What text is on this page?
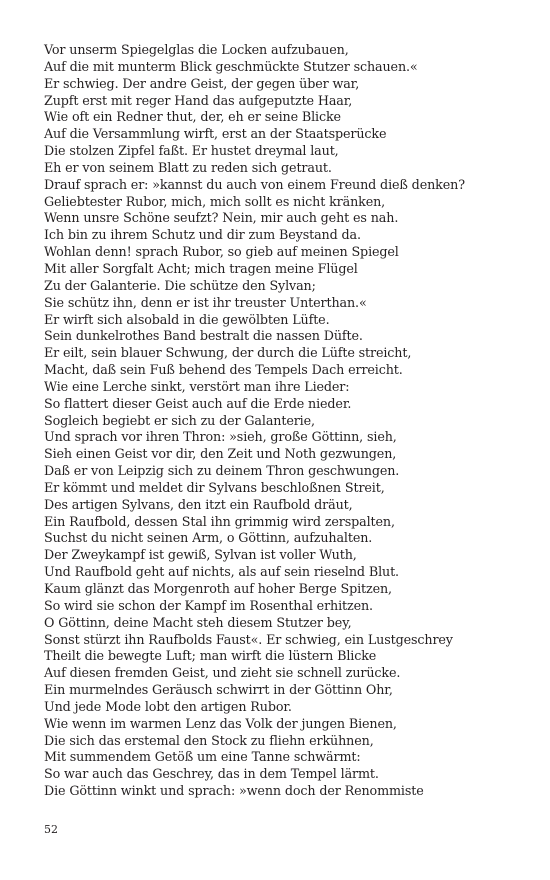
Vor unserm Spiegelglas die Locken aufzubauen,
Auf die mit munterm Blick geschmückte Stutzer schauen.«
Er schwieg. Der andre Geist, der gegen über war,
Zupft erst mit reger Hand das aufgeputzte Haar,
Wie oft ein Redner thut, der, eh er seine Blicke
Auf die Versammlung wirft, erst an der Staatsperücke
Die stolzen Zipfel faßt. Er hustet dreymal laut,
Eh er von seinem Blatt zu reden sich getraut.
Drauf sprach er: »kannst du auch von einem Freund dieß denken?
Geliebtester Rubor, mich, mich sollt es nicht kränken,
Wenn unsre Schöne seufzt? Nein, mir auch geht es nah.
Ich bin zu ihrem Schutz und dir zum Beystand da.
Wohlan denn! sprach Rubor, so gieb auf meinen Spiegel
Mit aller Sorgfalt Acht; mich tragen meine Flügel
Zu der Galanterie. Die schütze den Sylvan;
Sie schütz ihn, denn er ist ihr treuster Unterthan.«
Er wirft sich alsobald in die gewölbten Lüfte.
Sein dunkelrothes Band bestralt die nassen Düfte.
Er eilt, sein blauer Schwung, der durch die Lüfte streicht,
Macht, daß sein Fuß behend des Tempels Dach erreicht.
Wie eine Lerche sinkt, verstört man ihre Lieder:
So flattert dieser Geist auch auf die Erde nieder.
Sogleich begiebt er sich zu der Galanterie,
Und sprach vor ihren Thron: »sieh, große Göttinn, sieh,
Sieh einen Geist vor dir, den Zeit und Noth gezwungen,
Daß er von Leipzig sich zu deinem Thron geschwungen.
Er kömmt und meldet dir Sylvans beschloßnen Streit,
Des artigen Sylvans, den itzt ein Raufbold dräut,
Ein Raufbold, dessen Stal ihn grimmig wird zerspalten,
Suchst du nicht seinen Arm, o Göttinn, aufzuhalten.
Der Zweykampf ist gewiß, Sylvan ist voller Wuth,
Und Raufbold geht auf nichts, als auf sein rieselnd Blut.
Kaum glänzt das Morgenroth auf hoher Berge Spitzen,
So wird sie schon der Kampf im Rosenthal erhitzen.
O Göttinn, deine Macht steh diesem Stutzer bey,
Sonst stürzt ihn Raufbolds Faust«. Er schwieg, ein Lustgeschrey
Theilt die bewegte Luft; man wirft die lüstern Blicke
Auf diesen fremden Geist, und zieht sie schnell zurücke.
Ein murmelndes Geräusch schwirrt in der Göttinn Ohr,
Und jede Mode lobt den artigen Rubor.
Wie wenn im warmen Lenz das Volk der jungen Bienen,
Die sich das erstemal den Stock zu fliehn erkühnen,
Mit summendem Getöß um eine Tanne schwärmt:
So war auch das Geschrey, das in dem Tempel lärmt.
Die Göttinn winkt und sprach: »wenn doch der Renommiste
52
